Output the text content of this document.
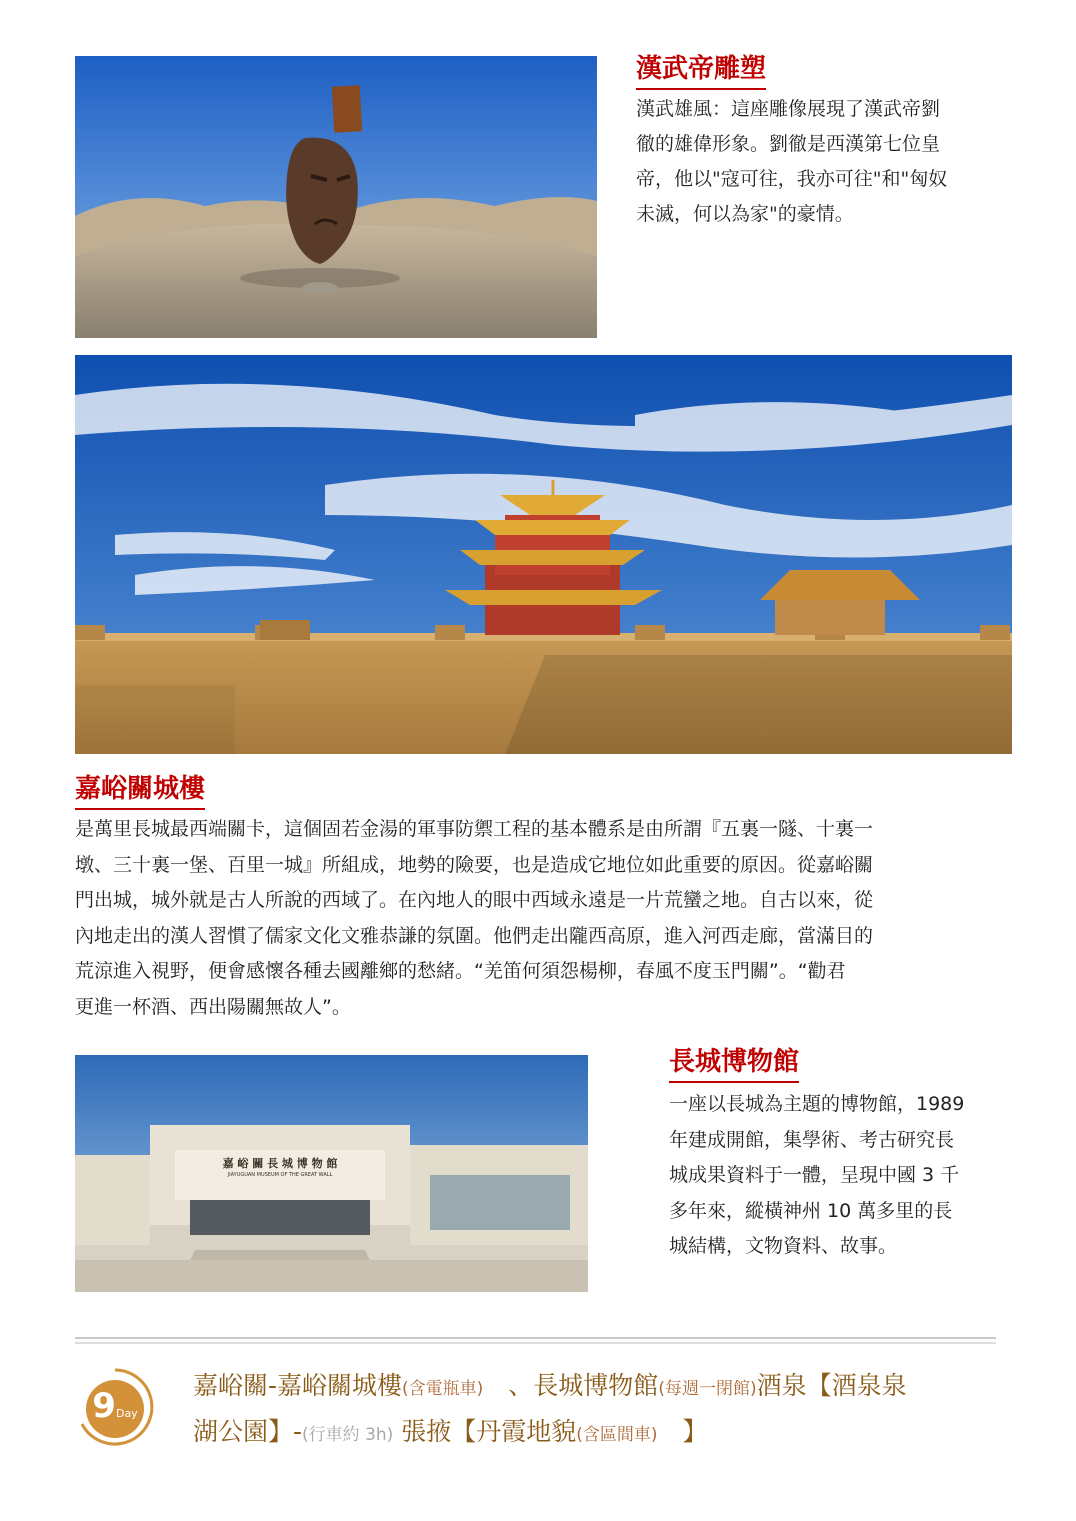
漢武帝雕塑
漢武雄風：這座雕像展現了漢武帝劉
徹的雄偉形象。劉徹是西漢第七位皇
帝，他以"寇可往，我亦可往"和"匈奴
未滅，何以為家"的豪情。
嘉峪關城樓
是萬里長城最西端關卡，這個固若金湯的軍事防禦工程的基本體系是由所謂『五裏一隧、十裏一
墩、三十裏一堡、百里一城』所組成，地勢的險要，也是造成它地位如此重要的原因。從嘉峪關
門出城，城外就是古人所說的西域了。在內地人的眼中西域永遠是一片荒蠻之地。自古以來，從
內地走出的漢人習慣了儒家文化文雅恭謙的氛圍。他們走出隴西高原，進入河西走廊，當滿目的
荒涼進入視野，便會感懷各種去國離鄉的愁緒。“羌笛何須怨楊柳，春風不度玉門關”。“勸君
更進一杯酒、西出陽關無故人”。
嘉 峪 關 長 城 博 物 館
JIAYUGUAN MUSEUM OF THE GREAT WALL
長城博物館
一座以長城為主題的博物館，1989
年建成開館，集學術、考古研究長
城成果資料于一體，呈現中國 3 千
多年來，縱橫神州 10 萬多里的長
城結構，文物資料、故事。
9Day
嘉峪關-嘉峪關城樓(含電瓶車)　、長城博物館(每週一閉館)酒泉【酒泉泉
湖公園】-(行車約 3h) 張掖【丹霞地貌(含區間車)　】
